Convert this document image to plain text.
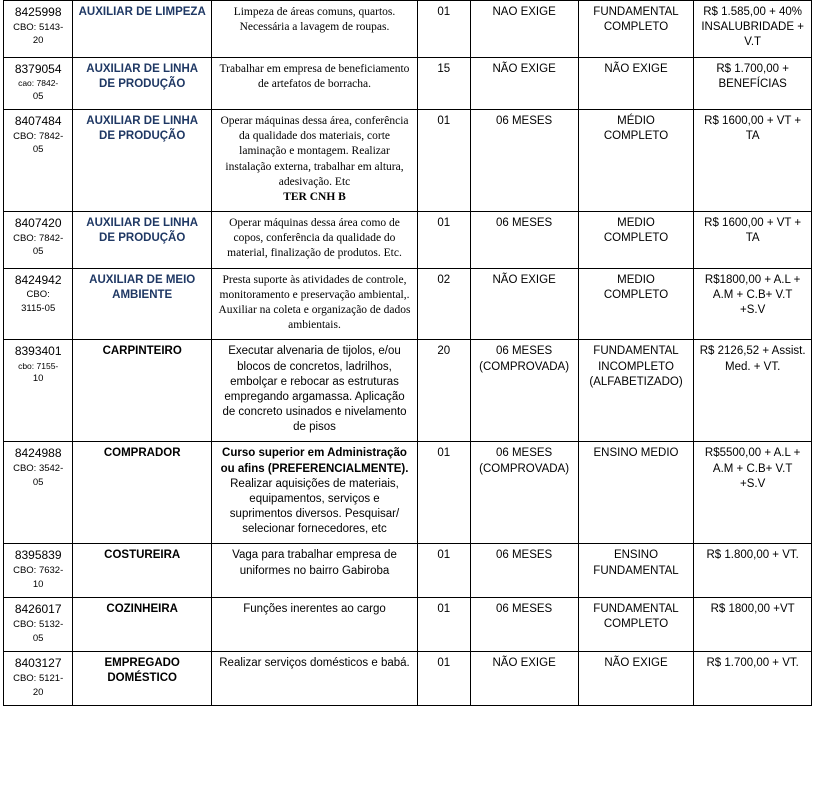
8425998
CBO: 5143-
20	AUXILIAR DE LIMPEZA	Limpeza de áreas comuns, quartos. Necessária a lavagem de roupas.	01	NAO EXIGE	FUNDAMENTAL COMPLETO	R$ 1.585,00 + 40% INSALUBRIDADE + V.T

8379054
cao: 7842-
05	AUXILIAR DE LINHA DE PRODUÇÃO	Trabalhar em empresa de beneficiamento de artefatos de borracha.	15	NÃO EXIGE	NÃO EXIGE	R$ 1.700,00 + BENEFÍCIAS

8407484
CBO: 7842-
05	AUXILIAR DE LINHA DE PRODUÇÃO	Operar máquinas dessa área, conferência da qualidade dos materiais, corte laminação e montagem. Realizar instalação externa, trabalhar em altura, adesivação. Etc
TER CNH B	01	06 MESES	MÉDIO COMPLETO	R$ 1600,00 + VT + TA

8407420
CBO: 7842-
05	AUXILIAR DE LINHA DE PRODUÇÃO	Operar máquinas dessa área como de copos, conferência da qualidade do material, finalização de produtos. Etc.	01	06 MESES	MEDIO COMPLETO	R$ 1600,00 + VT + TA

8424942
CBO:
3115-05	AUXILIAR DE MEIO AMBIENTE	Presta suporte às atividades de controle, monitoramento e preservação ambiental,. Auxiliar na coleta e organização de dados ambientais.	02	NÃO EXIGE	MEDIO COMPLETO	R$1800,00 + A.L + A.M + C.B+ V.T +S.V

8393401
cbo: 7155-
10	CARPINTEIRO	Executar alvenaria de tijolos, e/ou blocos de concretos, ladrilhos, embolçar e rebocar as estruturas empregando argamassa. Aplicação de concreto usinados e nivelamento de pisos	20	06 MESES (COMPROVADA)	FUNDAMENTAL INCOMPLETO (ALFABETIZADO)	R$ 2126,52 + Assist. Med. + VT.

8424988
CBO: 3542-
05	COMPRADOR	Curso superior em Administração ou afins (PREFERENCIALMENTE). Realizar aquisições de materiais, equipamentos, serviços e suprimentos diversos. Pesquisar/ selecionar fornecedores, etc	01	06 MESES (COMPROVADA)	ENSINO MEDIO	R$5500,00 + A.L + A.M + C.B+ V.T +S.V

8395839
CBO: 7632-
10	COSTUREIRA	Vaga para trabalhar empresa de uniformes no bairro Gabiroba	01	06 MESES	ENSINO FUNDAMENTAL	R$ 1.800,00 + VT.

8426017
CBO: 5132-
05	COZINHEIRA	Funções inerentes ao cargo	01	06 MESES	FUNDAMENTAL COMPLETO	R$ 1800,00 +VT

8403127
CBO: 5121-
20	EMPREGADO DOMÉSTICO	Realizar serviços domésticos e babá.	01	NÃO EXIGE	NÃO EXIGE	R$ 1.700,00 + VT.
